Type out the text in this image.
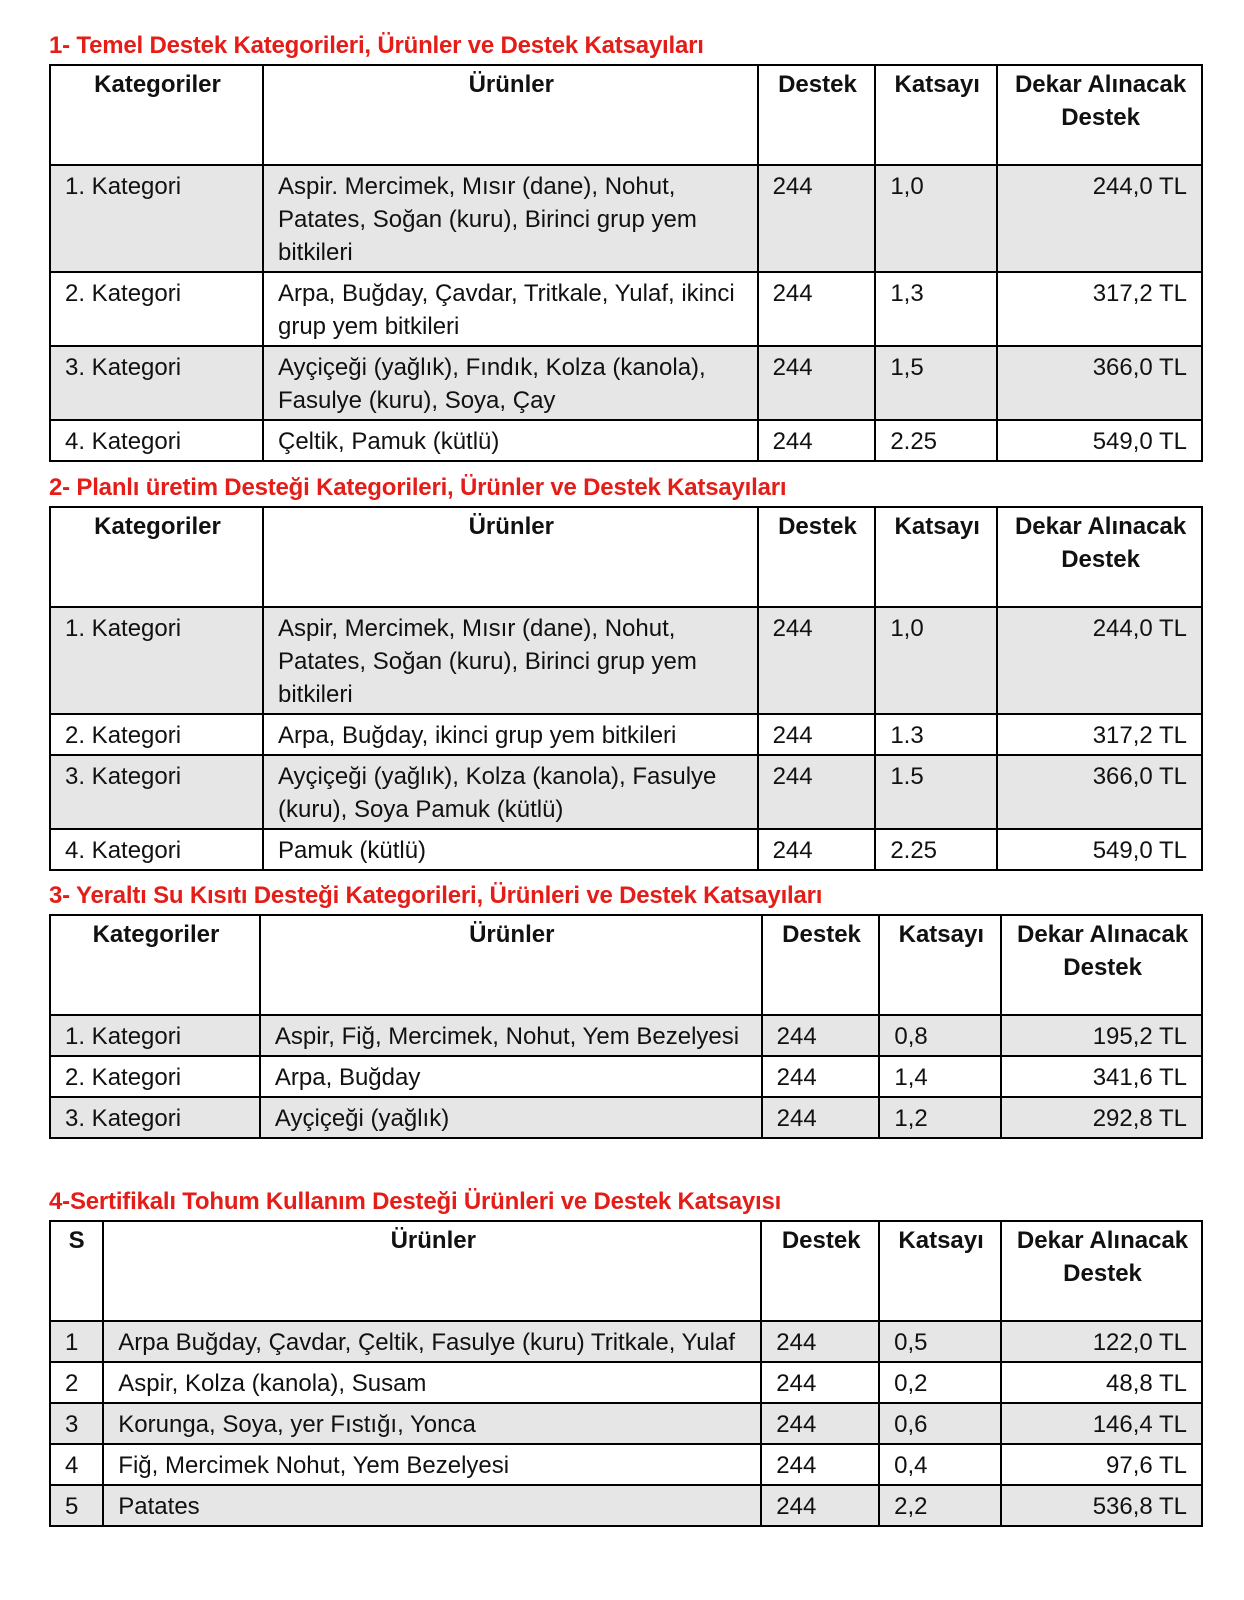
1- Temel Destek Kategorileri, Ürünler ve Destek Katsayıları
Kategoriler	Ürünler	Destek	Katsayı	Dekar Alınacak Destek
1. Kategori	Aspir. Mercimek, Mısır (dane), Nohut, Patates, Soğan (kuru), Birinci grup yem bitkileri	244	1,0	244,0 TL
2. Kategori	Arpa, Buğday, Çavdar, Tritkale, Yulaf, ikinci grup yem bitkileri	244	1,3	317,2 TL
3. Kategori	Ayçiçeği (yağlık), Fındık, Kolza (kanola), Fasulye (kuru), Soya, Çay	244	1,5	366,0 TL
4. Kategori	Çeltik, Pamuk (kütlü)	244	2.25	549,0 TL
2- Planlı üretim Desteği Kategorileri, Ürünler ve Destek Katsayıları
Kategoriler	Ürünler	Destek	Katsayı	Dekar Alınacak Destek
1. Kategori	Aspir, Mercimek, Mısır (dane), Nohut, Patates, Soğan (kuru), Birinci grup yem bitkileri	244	1,0	244,0 TL
2. Kategori	Arpa, Buğday, ikinci grup yem bitkileri	244	1.3	317,2 TL
3. Kategori	Ayçiçeği (yağlık), Kolza (kanola), Fasulye (kuru), Soya Pamuk (kütlü)	244	1.5	366,0 TL
4. Kategori	Pamuk (kütlü)	244	2.25	549,0 TL
3- Yeraltı Su Kısıtı Desteği Kategorileri, Ürünleri ve Destek Katsayıları
Kategoriler	Ürünler	Destek	Katsayı	Dekar Alınacak Destek
1. Kategori	Aspir, Fiğ, Mercimek, Nohut, Yem Bezelyesi	244	0,8	195,2 TL
2. Kategori	Arpa, Buğday	244	1,4	341,6 TL
3. Kategori	Ayçiçeği (yağlık)	244	1,2	292,8 TL
4-Sertifikalı Tohum Kullanım Desteği Ürünleri ve Destek Katsayısı
S	Ürünler	Destek	Katsayı	Dekar Alınacak Destek
1	Arpa Buğday, Çavdar, Çeltik, Fasulye (kuru) Tritkale, Yulaf	244	0,5	122,0 TL
2	Aspir, Kolza (kanola), Susam	244	0,2	48,8 TL
3	Korunga, Soya, yer Fıstığı, Yonca	244	0,6	146,4 TL
4	Fiğ, Mercimek Nohut, Yem Bezelyesi	244	0,4	97,6 TL
5	Patates	244	2,2	536,8 TL
